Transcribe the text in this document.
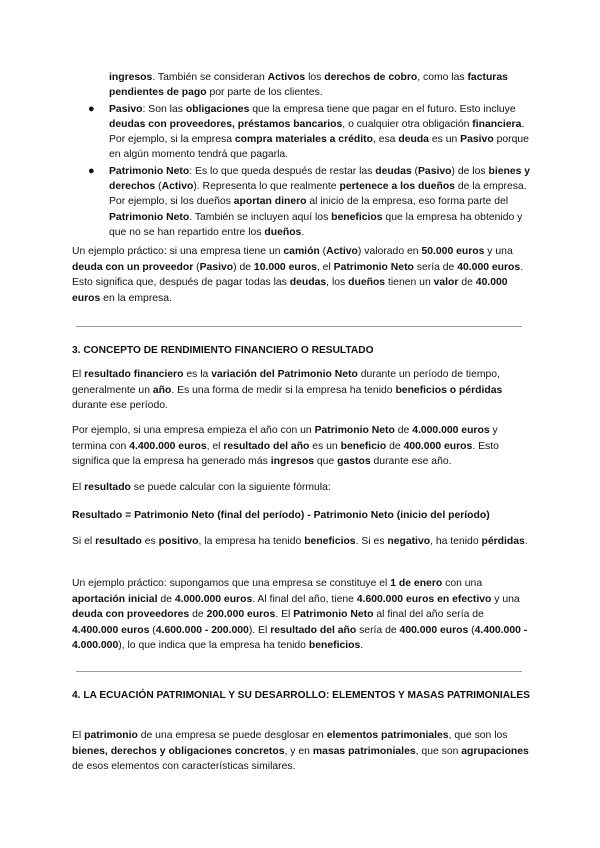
ingresos. También se consideran Activos los derechos de cobro, como las facturas pendientes de pago por parte de los clientes.
● Pasivo: Son las obligaciones que la empresa tiene que pagar en el futuro. Esto incluye deudas con proveedores, préstamos bancarios, o cualquier otra obligación financiera. Por ejemplo, si la empresa compra materiales a crédito, esa deuda es un Pasivo porque en algún momento tendrá que pagarla.
● Patrimonio Neto: Es lo que queda después de restar las deudas (Pasivo) de los bienes y derechos (Activo). Representa lo que realmente pertenece a los dueños de la empresa. Por ejemplo, si los dueños aportan dinero al inicio de la empresa, eso forma parte del Patrimonio Neto. También se incluyen aquí los beneficios que la empresa ha obtenido y que no se han repartido entre los dueños.

Un ejemplo práctico: si una empresa tiene un camión (Activo) valorado en 50.000 euros y una deuda con un proveedor (Pasivo) de 10.000 euros, el Patrimonio Neto sería de 40.000 euros. Esto significa que, después de pagar todas las deudas, los dueños tienen un valor de 40.000 euros en la empresa.

3. CONCEPTO DE RENDIMIENTO FINANCIERO O RESULTADO

El resultado financiero es la variación del Patrimonio Neto durante un período de tiempo, generalmente un año. Es una forma de medir si la empresa ha tenido beneficios o pérdidas durante ese período.

Por ejemplo, si una empresa empieza el año con un Patrimonio Neto de 4.000.000 euros y termina con 4.400.000 euros, el resultado del año es un beneficio de 400.000 euros. Esto significa que la empresa ha generado más ingresos que gastos durante ese año.

El resultado se puede calcular con la siguiente fórmula:

Resultado = Patrimonio Neto (final del período) - Patrimonio Neto (inicio del período)

Si el resultado es positivo, la empresa ha tenido beneficios. Si es negativo, ha tenido pérdidas.

Un ejemplo práctico: supongamos que una empresa se constituye el 1 de enero con una aportación inicial de 4.000.000 euros. Al final del año, tiene 4.600.000 euros en efectivo y una deuda con proveedores de 200.000 euros. El Patrimonio Neto al final del año sería de 4.400.000 euros (4.600.000 - 200.000). El resultado del año sería de 400.000 euros (4.400.000 - 4.000.000), lo que indica que la empresa ha tenido beneficios.

4. LA ECUACIÓN PATRIMONIAL Y SU DESARROLLO: ELEMENTOS Y MASAS PATRIMONIALES

El patrimonio de una empresa se puede desglosar en elementos patrimoniales, que son los bienes, derechos y obligaciones concretos, y en masas patrimoniales, que son agrupaciones de esos elementos con características similares.
